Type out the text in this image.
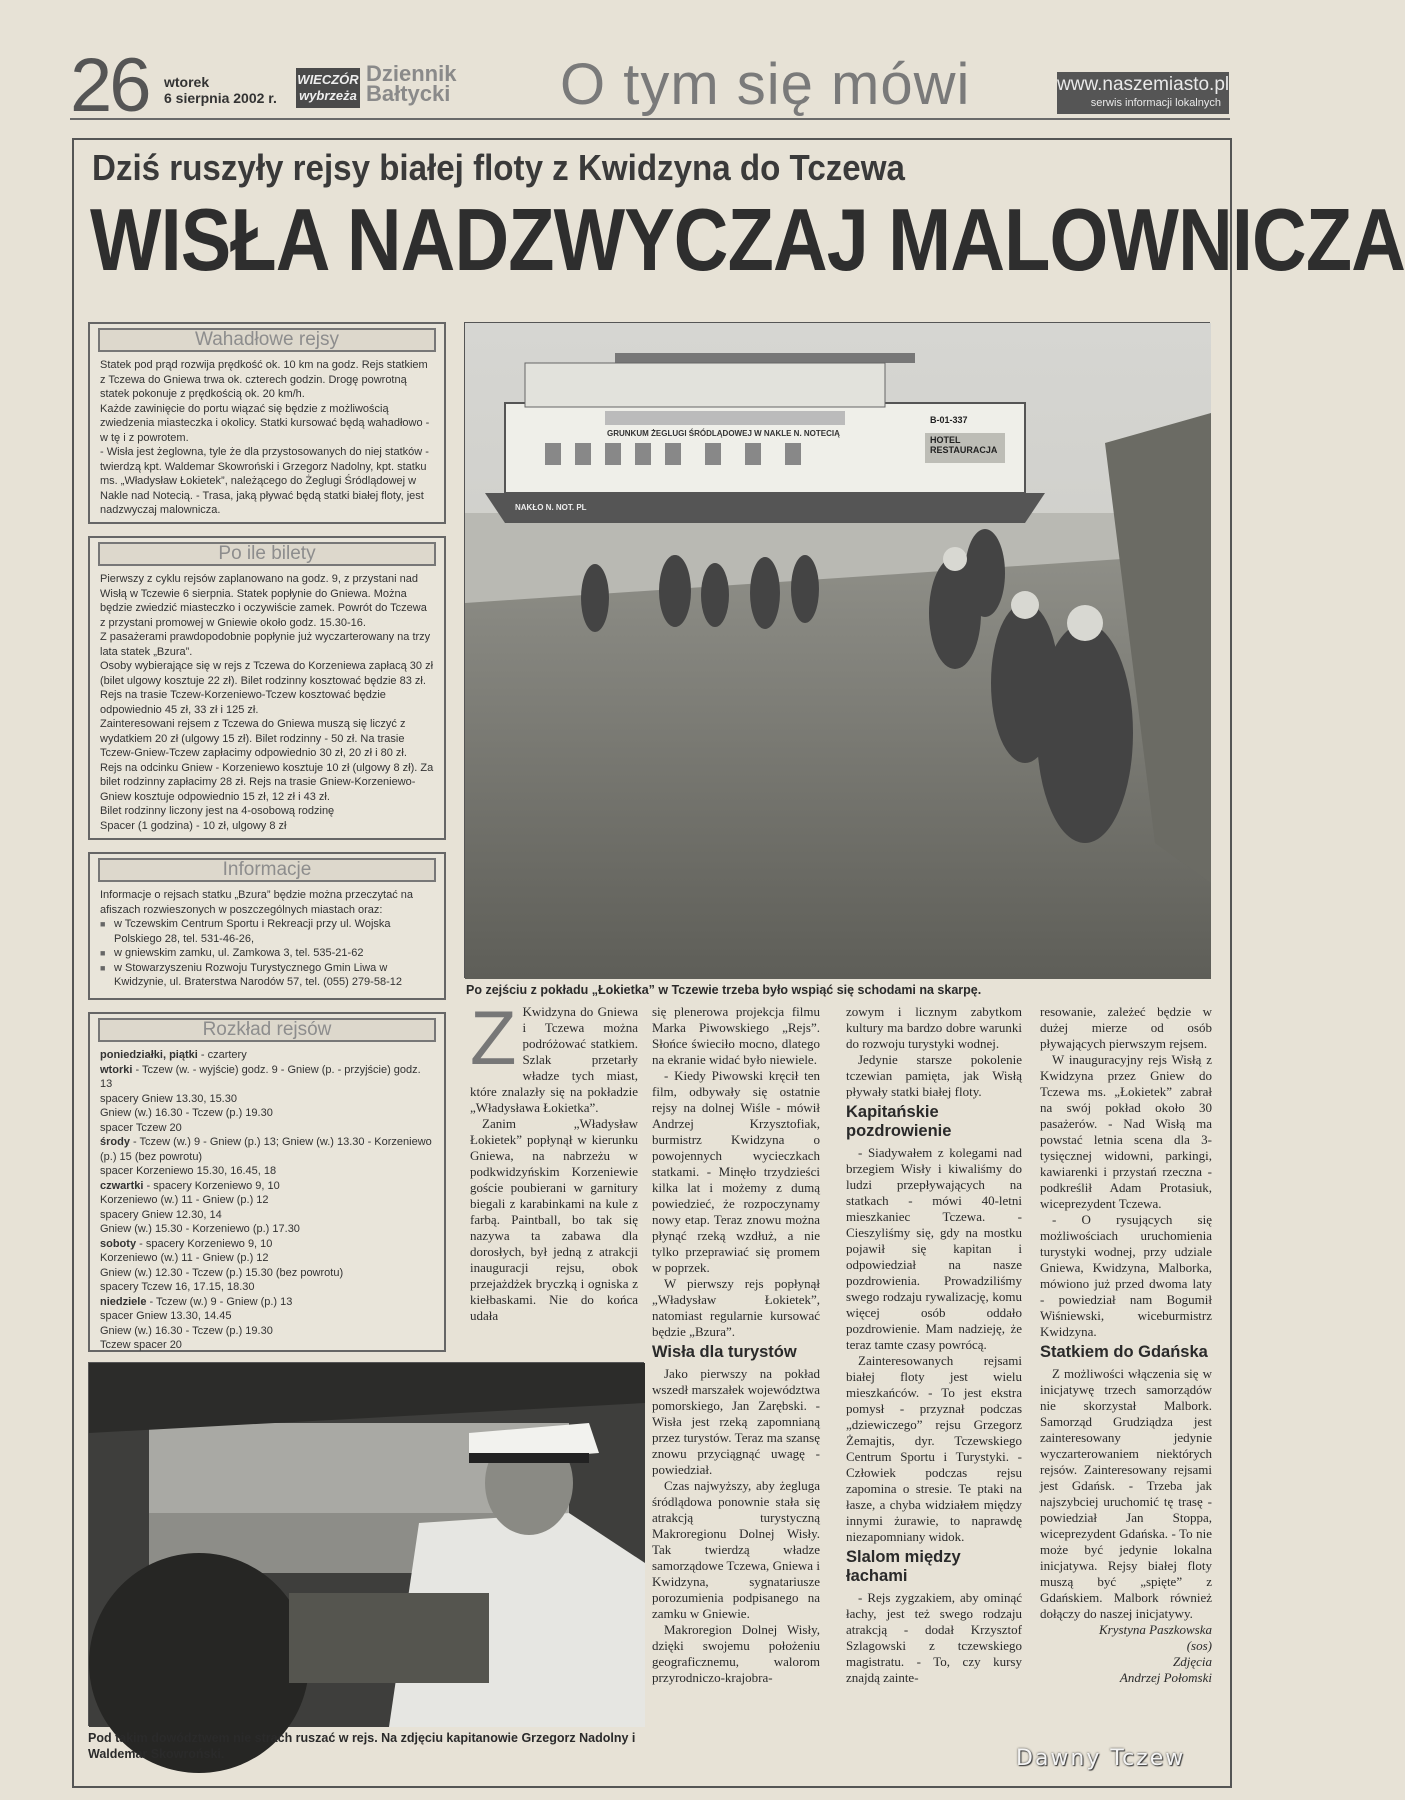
26 wtorek
6 sierpnia 2002 r.
WIECZÓR wybrzeża
Dziennik Bałtycki	O tym się mówi	www.naszemiasto.pl
serwis informacji lokalnych
Dziś ruszyły rejsy białej floty z Kwidzyna do Tczewa
WISŁA NADZWYCZAJ MALOWNICZA
Wahadłowe rejsy

Statek pod prąd rozwija prędkość ok. 10 km na godz. Rejs statkiem z Tczewa do Gniewa trwa ok. czterech godzin. Drogę powrotną statek pokonuje z prędkością ok. 20 km/h.
Każde zawinięcie do portu wiązać się będzie z możliwością zwiedzenia miasteczka i okolicy. Statki kursować będą wahadłowo - w tę i z powrotem.
- Wisła jest żeglowna, tyle że dla przystosowanych do niej statków - twierdzą kpt. Waldemar Skowroński i Grzegorz Nadolny, kpt. statku ms. „Władysław Łokietek”, należącego do Żeglugi Śródlądowej w Nakle nad Notecią. - Trasa, jaką pływać będą statki białej floty, jest nadzwyczaj malownicza.

Po ile bilety

Pierwszy z cyklu rejsów zaplanowano na godz. 9, z przystani nad Wisłą w Tczewie 6 sierpnia. Statek popłynie do Gniewa. Można będzie zwiedzić miasteczko i oczywiście zamek. Powrót do Tczewa z przystani promowej w Gniewie około godz. 15.30-16.
Z pasażerami prawdopodobnie popłynie już wyczarterowany na trzy lata statek „Bzura”.
Osoby wybierające się w rejs z Tczewa do Korzeniewa zapłacą 30 zł (bilet ulgowy kosztuje 22 zł). Bilet rodzinny kosztować będzie 83 zł.
Rejs na trasie Tczew-Korzeniewo-Tczew kosztować będzie odpowiednio 45 zł, 33 zł i 125 zł.
Zainteresowani rejsem z Tczewa do Gniewa muszą się liczyć z wydatkiem 20 zł (ulgowy 15 zł). Bilet rodzinny - 50 zł. Na trasie Tczew-Gniew-Tczew zapłacimy odpowiednio 30 zł, 20 zł i 80 zł.
Rejs na odcinku Gniew - Korzeniewo kosztuje 10 zł (ulgowy 8 zł). Za bilet rodzinny zapłacimy 28 zł. Rejs na trasie Gniew-Korzeniewo-Gniew kosztuje odpowiednio 15 zł, 12 zł i 43 zł.
Bilet rodzinny liczony jest na 4-osobową rodzinę
Spacer (1 godzina) - 10 zł, ulgowy 8 zł

Informacje

Informacje o rejsach statku „Bzura” będzie można przeczytać na afiszach rozwieszonych w poszczególnych miastach oraz:

■ w Tczewskim Centrum Sportu i Rekreacji przy ul. Wojska Polskiego 28, tel. 531-46-26,
■ w gniewskim zamku, ul. Zamkowa 3, tel. 535-21-62
■ w Stowarzyszeniu Rozwoju Turystycznego Gmin Liwa w Kwidzynie, ul. Braterstwa Narodów 57, tel. (055) 279-58-12
Rozkład rejsów
poniedziałki, piątki - czartery
wtorki - Tczew (w. - wyjście) godz. 9 - Gniew (p. - przyjście) godz. 13
spacery Gniew 13.30, 15.30
Gniew (w.) 16.30 - Tczew (p.) 19.30
spacer Tczew 20
środy - Tczew (w.) 9 - Gniew (p.) 13; Gniew (w.) 13.30 - Korzeniewo (p.) 15 (bez powrotu)
spacer Korzeniewo 15.30, 16.45, 18
czwartki - spacery Korzeniewo 9, 10
Korzeniewo (w.) 11 - Gniew (p.) 12
spacery Gniew 12.30, 14
Gniew (w.) 15.30 - Korzeniewo (p.) 17.30
soboty - spacery Korzeniewo 9, 10
Korzeniewo (w.) 11 - Gniew (p.) 12
Gniew (w.) 12.30 - Tczew (p.) 15.30 (bez powrotu)
spacery Tczew 16, 17.15, 18.30
niedziele - Tczew (w.) 9 - Gniew (p.) 13
spacer Gniew 13.30, 14.45
Gniew (w.) 16.30 - Tczew (p.) 19.30
Tczew spacer 20
GRUNKUM ŻEGLUGI ŚRÓDLĄDOWEJ W NAKLE N. NOTECIĄ
HOTEL RESTAURACJA
B-01-337
NAKŁO N. NOT. PL
Po zejściu z pokładu „Łokietka” w Tczewie trzeba było wspiąć się schodami na skarpę.
Pod takim dowództwem nie strach ruszać w rejs. Na zdjęciu kapitanowie Grzegorz Nadolny i Waldemar Skowroński.
Z Kwidzyna do Gniewa i Tczewa można podróżować statkiem. Szlak przetarły władze tych miast, które znalazły się na pokładzie „Władysława Łokietka”.

Zanim „Władysław Łokietek” popłynął w kierunku Gniewa, na nabrzeżu w podkwidzyńskim Korzeniewie goście poubierani w garnitury biegali z karabinkami na kule z farbą. Paintball, bo tak się nazywa ta zabawa dla dorosłych, był jedną z atrakcji inauguracji rejsu, obok przejażdżek bryczką i ogniska z kiełbaskami. Nie do końca udała

się plenerowa projekcja filmu Marka Piwowskiego „Rejs”. Słońce świeciło mocno, dlatego na ekranie widać było niewiele.

- Kiedy Piwowski kręcił ten film, odbywały się ostatnie rejsy na dolnej Wiśle - mówił Andrzej Krzysztofiak, burmistrz Kwidzyna o powojennych wycieczkach statkami. - Minęło trzydzieści kilka lat i możemy z dumą powiedzieć, że rozpoczynamy nowy etap. Teraz znowu można płynąć rzeką wzdłuż, a nie tylko przeprawiać się promem w poprzek.

W pierwszy rejs popłynął „Władysław Łokietek”, natomiast regularnie kursować będzie „Bzura”.

Wisła dla turystów

Jako pierwszy na pokład wszedł marszałek województwa pomorskiego, Jan Zarębski. - Wisła jest rzeką zapomnianą przez turystów. Teraz ma szansę znowu przyciągnąć uwagę - powiedział.

Czas najwyższy, aby żegluga śródlądowa ponownie stała się atrakcją turystyczną Makroregionu Dolnej Wisły. Tak twierdzą władze samorządowe Tczewa, Gniewa i Kwidzyna, sygnatariusze porozumienia podpisanego na zamku w Gniewie.

Makroregion Dolnej Wisły, dzięki swojemu położeniu geograficznemu, walorom przyrodniczo-krajobra-

zowym i licznym zabytkom kultury ma bardzo dobre warunki do rozwoju turystyki wodnej.

Jedynie starsze pokolenie tczewian pamięta, jak Wisłą pływały statki białej floty.

Kapitańskie pozdrowienie

- Siadywałem z kolegami nad brzegiem Wisły i kiwaliśmy do ludzi przepływających na statkach - mówi 40-letni mieszkaniec Tczewa. - Cieszyliśmy się, gdy na mostku pojawił się kapitan i odpowiedział na nasze pozdrowienia. Prowadziliśmy swego rodzaju rywalizację, komu więcej osób oddało pozdrowienie. Mam nadzieję, że teraz tamte czasy powrócą.

Zainteresowanych rejsami białej floty jest wielu mieszkańców. - To jest ekstra pomysł - przyznał podczas „dziewiczego” rejsu Grzegorz Żemajtis, dyr. Tczewskiego Centrum Sportu i Turystyki. - Człowiek podczas rejsu zapomina o stresie. Te ptaki na łasze, a chyba widziałem między innymi żurawie, to naprawdę niezapomniany widok.

Slalom między łachami

- Rejs zygzakiem, aby ominąć łachy, jest też swego rodzaju atrakcją - dodał Krzysztof Szlagowski z tczewskiego magistratu. - To, czy kursy znajdą zainte-

resowanie, zależeć będzie w dużej mierze od osób pływających pierwszym rejsem.

W inauguracyjny rejs Wisłą z Kwidzyna przez Gniew do Tczewa ms. „Łokietek” zabrał na swój pokład około 30 pasażerów. - Nad Wisłą ma powstać letnia scena dla 3-tysięcznej widowni, parkingi, kawiarenki i przystań rzeczna - podkreślił Adam Protasiuk, wiceprezydent Tczewa.

- O rysujących się możliwościach uruchomienia turystyki wodnej, przy udziale Gniewa, Kwidzyna, Malborka, mówiono już przed dwoma laty - powiedział nam Bogumił Wiśniewski, wiceburmistrz Kwidzyna.

Statkiem do Gdańska

Z możliwości włączenia się w inicjatywę trzech samorządów nie skorzystał Malbork. Samorząd Grudziądza jest zainteresowany jedynie wyczarterowaniem niektórych rejsów. Zainteresowany rejsami jest Gdańsk. - Trzeba jak najszybciej uruchomić tę trasę - powiedział Jan Stoppa, wiceprezydent Gdańska. - To nie może być jedynie lokalna inicjatywa. Rejsy białej floty muszą być „spięte” z Gdańskiem. Malbork również dołączy do naszej inicjatywy.

Krystyna Paszkowska
(sos)
Zdjęcia
Andrzej Połomski
Dawny Tczew
